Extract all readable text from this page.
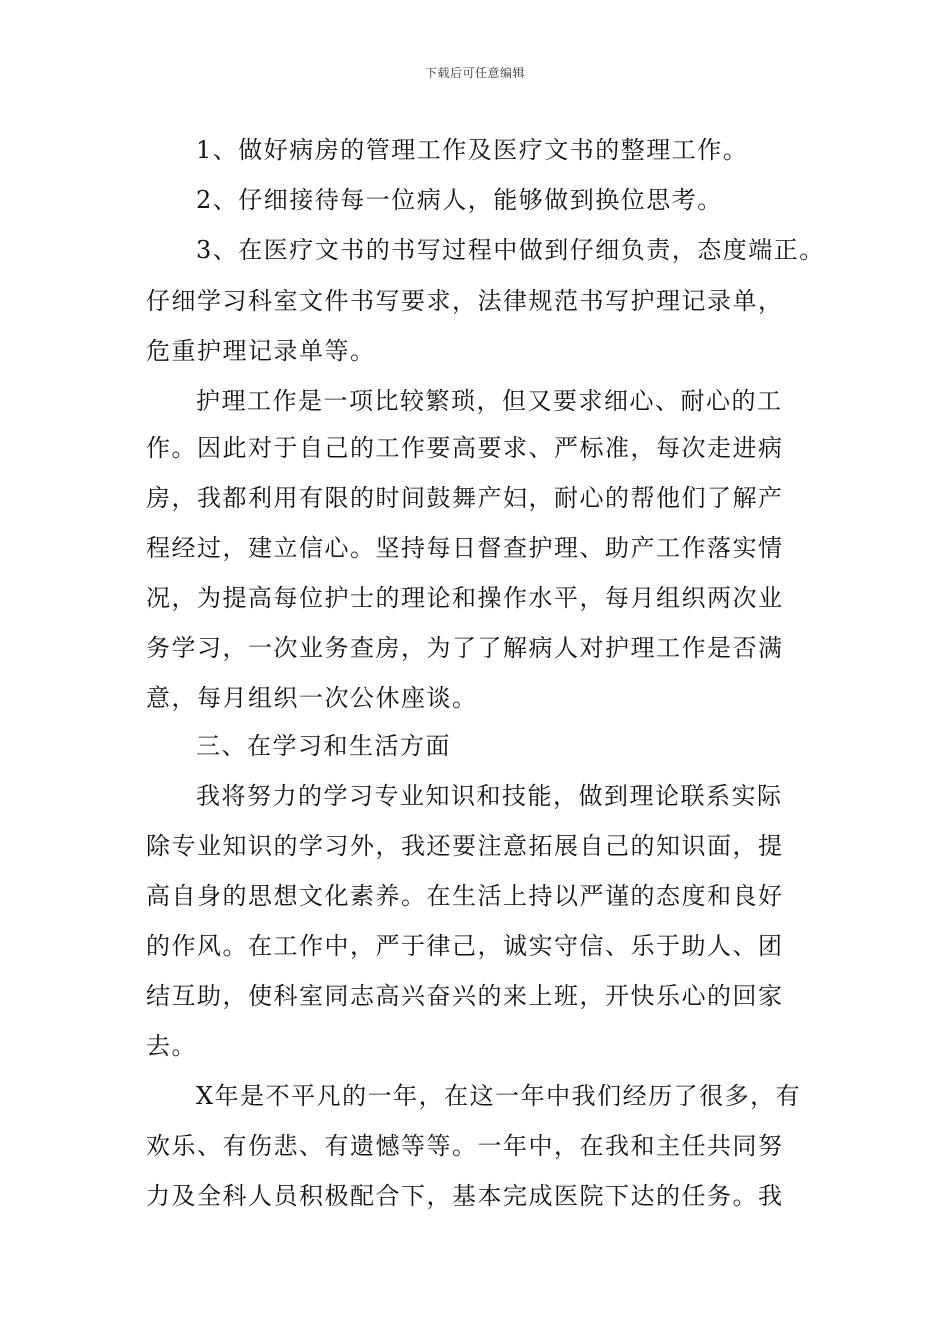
下载后可任意编辑
1、做好病房的管理工作及医疗文书的整理工作。
2、仔细接待每一位病人，能够做到换位思考。
3、在医疗文书的书写过程中做到仔细负责，态度端正。
仔细学习科室文件书写要求，法律规范书写护理记录单，
危重护理记录单等。
护理工作是一项比较繁琐，但又要求细心、耐心的工
作。因此对于自己的工作要高要求、严标准，每次走进病
房，我都利用有限的时间鼓舞产妇，耐心的帮他们了解产
程经过，建立信心。坚持每日督查护理、助产工作落实情
况，为提高每位护士的理论和操作水平，每月组织两次业
务学习，一次业务查房，为了了解病人对护理工作是否满
意，每月组织一次公休座谈。
三、在学习和生活方面
我将努力的学习专业知识和技能，做到理论联系实际
除专业知识的学习外，我还要注意拓展自己的知识面，提
高自身的思想文化素养。在生活上持以严谨的态度和良好
的作风。在工作中，严于律己，诚实守信、乐于助人、团
结互助，使科室同志高兴奋兴的来上班，开快乐心的回家
去。
X年是不平凡的一年，在这一年中我们经历了很多，有
欢乐、有伤悲、有遗憾等等。一年中，在我和主任共同努
力及全科人员积极配合下，基本完成医院下达的任务。我
